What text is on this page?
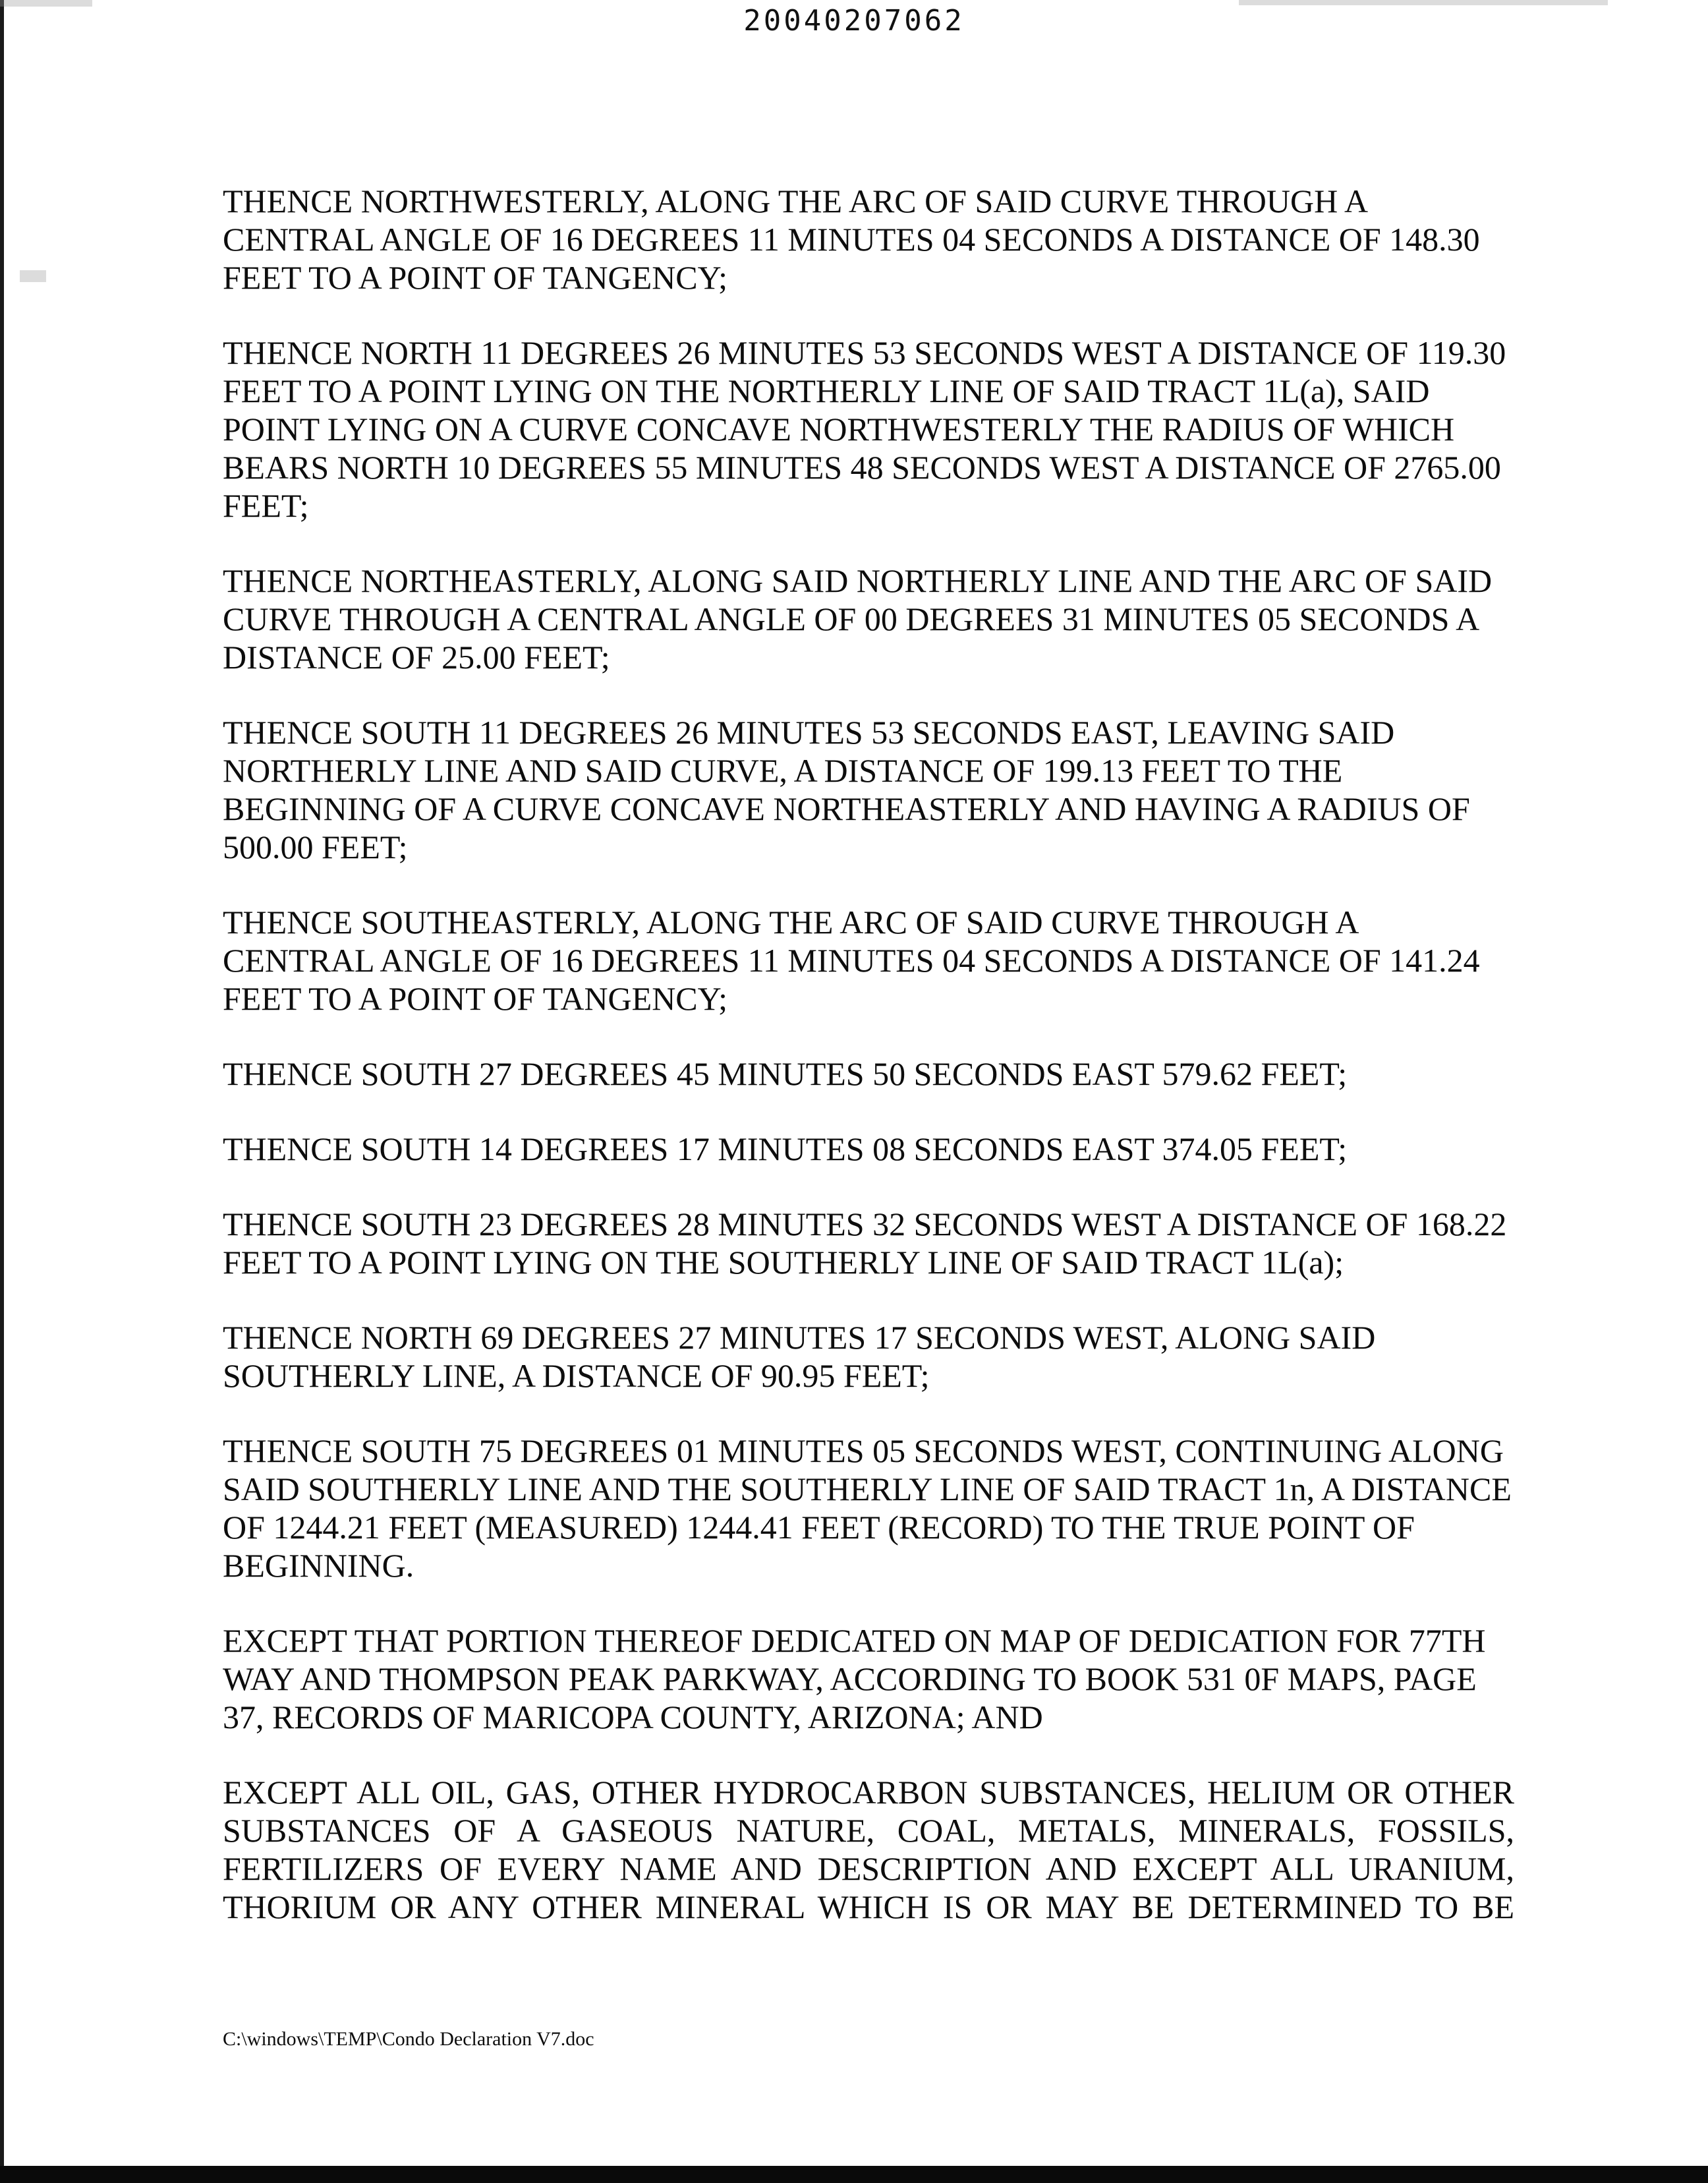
20040207062

THENCE NORTHWESTERLY, ALONG THE ARC OF SAID CURVE THROUGH A CENTRAL ANGLE OF 16 DEGREES 11 MINUTES 04 SECONDS A DISTANCE OF 148.30 FEET TO A POINT OF TANGENCY;

THENCE NORTH 11 DEGREES 26 MINUTES 53 SECONDS WEST A DISTANCE OF 119.30 FEET TO A POINT LYING ON THE NORTHERLY LINE OF SAID TRACT 1L(a), SAID POINT LYING ON A CURVE CONCAVE NORTHWESTERLY THE RADIUS OF WHICH BEARS NORTH 10 DEGREES 55 MINUTES 48 SECONDS WEST A DISTANCE OF 2765.00 FEET;

THENCE NORTHEASTERLY, ALONG SAID NORTHERLY LINE AND THE ARC OF SAID CURVE THROUGH A CENTRAL ANGLE OF 00 DEGREES 31 MINUTES 05 SECONDS A DISTANCE OF 25.00 FEET;

THENCE SOUTH 11 DEGREES 26 MINUTES 53 SECONDS EAST, LEAVING SAID NORTHERLY LINE AND SAID CURVE, A DISTANCE OF 199.13 FEET TO THE BEGINNING OF A CURVE CONCAVE NORTHEASTERLY AND HAVING A RADIUS OF 500.00 FEET;

THENCE SOUTHEASTERLY, ALONG THE ARC OF SAID CURVE THROUGH A CENTRAL ANGLE OF 16 DEGREES 11 MINUTES 04 SECONDS A DISTANCE OF 141.24 FEET TO A POINT OF TANGENCY;

THENCE SOUTH 27 DEGREES 45 MINUTES 50 SECONDS EAST 579.62 FEET;

THENCE SOUTH 14 DEGREES 17 MINUTES 08 SECONDS EAST 374.05 FEET;

THENCE SOUTH 23 DEGREES 28 MINUTES 32 SECONDS WEST A DISTANCE OF 168.22 FEET TO A POINT LYING ON THE SOUTHERLY LINE OF SAID TRACT 1L(a);

THENCE NORTH 69 DEGREES 27 MINUTES 17 SECONDS WEST, ALONG SAID SOUTHERLY LINE, A DISTANCE OF 90.95 FEET;

THENCE SOUTH 75 DEGREES 01 MINUTES 05 SECONDS WEST, CONTINUING ALONG SAID SOUTHERLY LINE AND THE SOUTHERLY LINE OF SAID TRACT 1n, A DISTANCE OF 1244.21 FEET (MEASURED) 1244.41 FEET (RECORD) TO THE TRUE POINT OF BEGINNING.

EXCEPT THAT PORTION THEREOF DEDICATED ON MAP OF DEDICATION FOR 77TH WAY AND THOMPSON PEAK PARKWAY, ACCORDING TO BOOK 531 0F MAPS, PAGE 37, RECORDS OF MARICOPA COUNTY, ARIZONA; AND

EXCEPT ALL OIL, GAS, OTHER HYDROCARBON SUBSTANCES, HELIUM OR OTHER SUBSTANCES OF A GASEOUS NATURE, COAL, METALS, MINERALS, FOSSILS, FERTILIZERS OF EVERY NAME AND DESCRIPTION AND EXCEPT ALL URANIUM, THORIUM OR ANY OTHER MINERAL WHICH IS OR MAY BE DETERMINED TO BE

C:\windows\TEMP\Condo Declaration V7.doc
